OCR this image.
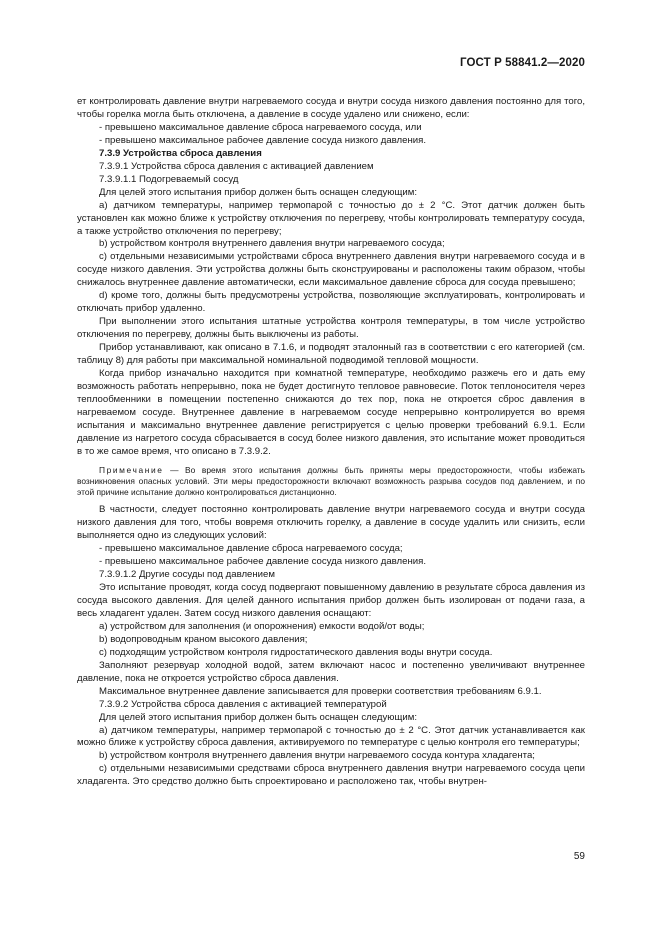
ГОСТ Р 58841.2—2020

ет контролировать давление внутри нагреваемого сосуда и внутри сосуда низкого давления постоянно для того, чтобы горелка могла быть отключена, а давление в сосуде удалено или снижено, если:

- превышено максимальное давление сброса нагреваемого сосуда, или

- превышено максимальное рабочее давление сосуда низкого давления.

7.3.9 Устройства сброса давления

7.3.9.1 Устройства сброса давления с активацией давлением

7.3.9.1.1 Подогреваемый сосуд

Для целей этого испытания прибор должен быть оснащен следующим:

a) датчиком температуры, например термопарой с точностью до ± 2 °С. Этот датчик должен быть установлен как можно ближе к устройству отключения по перегреву, чтобы контролировать температуру сосуда, а также устройство отключения по перегреву;

b) устройством контроля внутреннего давления внутри нагреваемого сосуда;

c) отдельными независимыми устройствами сброса внутреннего давления внутри нагреваемого сосуда и в сосуде низкого давления. Эти устройства должны быть сконструированы и расположены таким образом, чтобы снижалось внутреннее давление автоматически, если максимальное давление сброса для сосуда превышено;

d) кроме того, должны быть предусмотрены устройства, позволяющие эксплуатировать, контролировать и отключать прибор удаленно.

При выполнении этого испытания штатные устройства контроля температуры, в том числе устройство отключения по перегреву, должны быть выключены из работы.

Прибор устанавливают, как описано в 7.1.6, и подводят эталонный газ в соответствии с его категорией (см. таблицу 8) для работы при максимальной номинальной подводимой тепловой мощности.

Когда прибор изначально находится при комнатной температуре, необходимо разжечь его и дать ему возможность работать непрерывно, пока не будет достигнуто тепловое равновесие. Поток теплоносителя через теплообменники в помещении постепенно снижаются до тех пор, пока не откроется сброс давления в нагреваемом сосуде. Внутреннее давление в нагреваемом сосуде непрерывно контролируется во время испытания и максимально внутреннее давление регистрируется с целью проверки требований 6.9.1. Если давление из нагретого сосуда сбрасывается в сосуд более низкого давления, это испытание может проводиться в то же самое время, что описано в 7.3.9.2.

Примечание — Во время этого испытания должны быть приняты меры предосторожности, чтобы избежать возникновения опасных условий. Эти меры предосторожности включают возможность разрыва сосудов под давлением, и по этой причине испытание должно контролироваться дистанционно.

В частности, следует постоянно контролировать давление внутри нагреваемого сосуда и внутри сосуда низкого давления для того, чтобы вовремя отключить горелку, а давление в сосуде удалить или снизить, если выполняется одно из следующих условий:

- превышено максимальное давление сброса нагреваемого сосуда;

- превышено максимальное рабочее давление сосуда низкого давления.

7.3.9.1.2 Другие сосуды под давлением

Это испытание проводят, когда сосуд подвергают повышенному давлению в результате сброса давления из сосуда высокого давления. Для целей данного испытания прибор должен быть изолирован от подачи газа, а весь хладагент удален. Затем сосуд низкого давления оснащают:

a) устройством для заполнения (и опорожнения) емкости водой/от воды;

b) водопроводным краном высокого давления;

c) подходящим устройством контроля гидростатического давления воды внутри сосуда.

Заполняют резервуар холодной водой, затем включают насос и постепенно увеличивают внутреннее давление, пока не откроется устройство сброса давления.

Максимальное внутреннее давление записывается для проверки соответствия требованиям 6.9.1.

7.3.9.2 Устройства сброса давления с активацией температурой

Для целей этого испытания прибор должен быть оснащен следующим:

a) датчиком температуры, например термопарой с точностью до ± 2 °С. Этот датчик устанавливается как можно ближе к устройству сброса давления, активируемого по температуре с целью контроля его температуры;

b) устройством контроля внутреннего давления внутри нагреваемого сосуда контура хладагента;

c) отдельными независимыми средствами сброса внутреннего давления внутри нагреваемого сосуда цепи хладагента. Это средство должно быть спроектировано и расположено так, чтобы внутрен-

59
